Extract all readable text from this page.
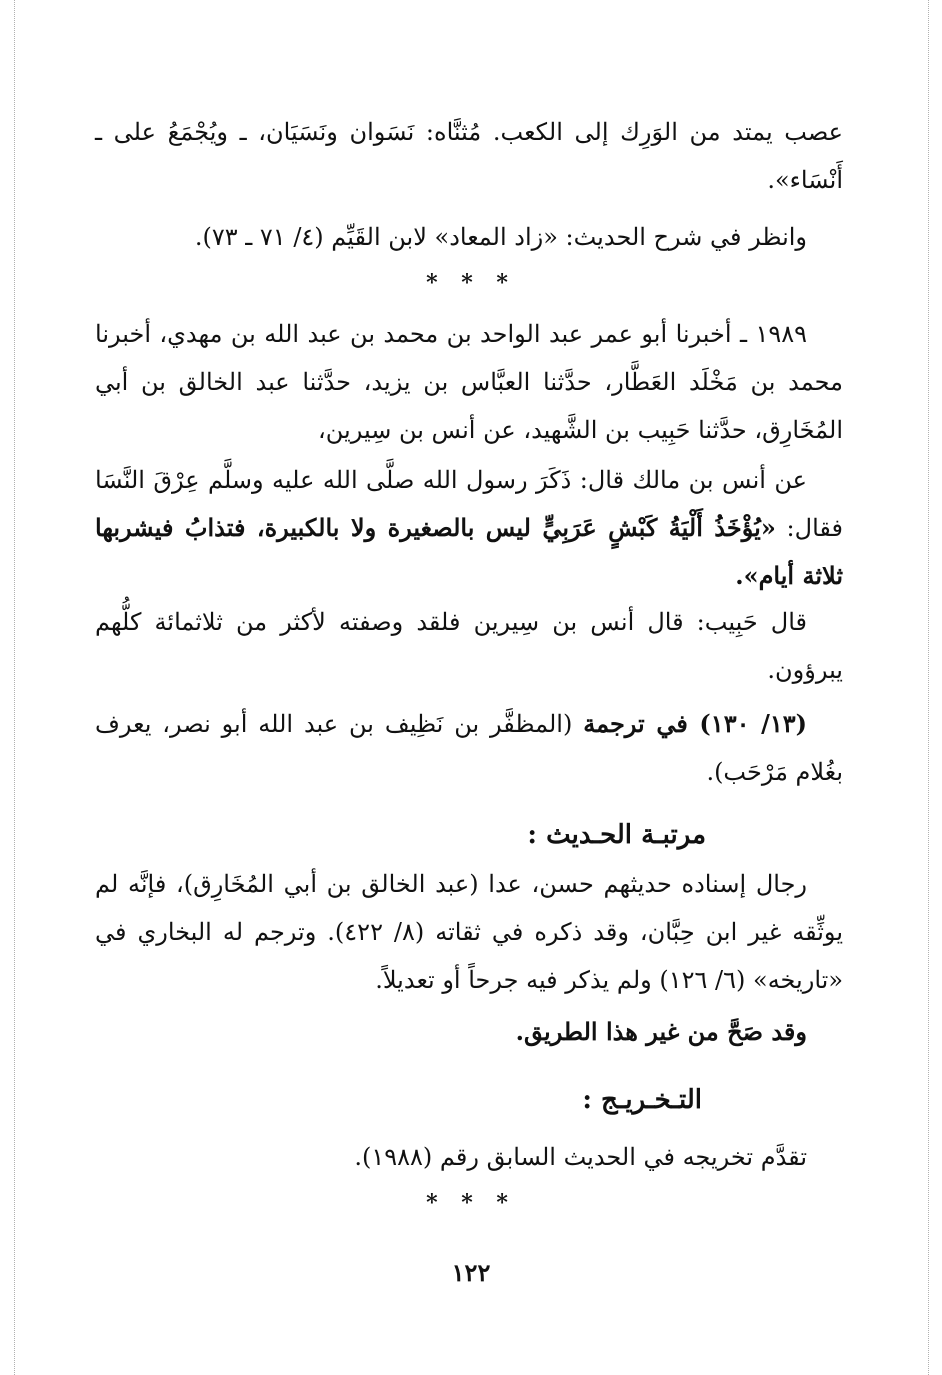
عصب يمتد من الوَرِك إلى الكعب. مُثنَّاه: نَسَوان ونَسَيَان، ـ ويُجْمَعُ على ـ أَنْسَاء».
وانظر في شرح الحديث: «زاد المعاد» لابن القَيِّم (٤/ ٧١ ـ ٧٣).
* * *
١٩٨٩ ـ أخبرنا أبو عمر عبد الواحد بن محمد بن عبد الله بن مهدي، أخبرنا محمد بن مَخْلَد العَطَّار، حدَّثنا العبَّاس بن يزيد، حدَّثنا عبد الخالق بن أبي المُخَارِق، حدَّثنا حَبِيب بن الشَّهيد، عن أنس بن سِيرين،
عن أنس بن مالك قال: ذَكَرَ رسول الله صلَّى الله عليه وسلَّم عِرْقَ النَّسَا فقال: «يُؤْخَذُ أَلْيَةُ كَبْشٍ عَرَبِيٍّ ليس بالصغيرة ولا بالكبيرة، فتذابُ فيشربها ثلاثة أيام».
قال حَبِيب: قال أنس بن سِيرين فلقد وصفته لأكثر من ثلاثمائة كلُّهم يبرؤون.
(١٣/ ١٣٠) في ترجمة (المظفَّر بن نَظِيف بن عبد الله أبو نصر، يعرف بغُلام مَرْحَب).
مرتبـة الحـديث :
رجال إسناده حديثهم حسن، عدا (عبد الخالق بن أبي المُخَارِق)، فإنَّه لم يوثِّقه غير ابن حِبَّان، وقد ذكره في ثقاته (٨/ ٤٢٢). وترجم له البخاري في «تاريخه» (٦/ ١٢٦) ولم يذكر فيه جرحاً أو تعديلاً.
وقد صَحَّ من غير هذا الطريق.
التـخـريـج :
تقدَّم تخريجه في الحديث السابق رقم (١٩٨٨).
* * *
١٢٢
